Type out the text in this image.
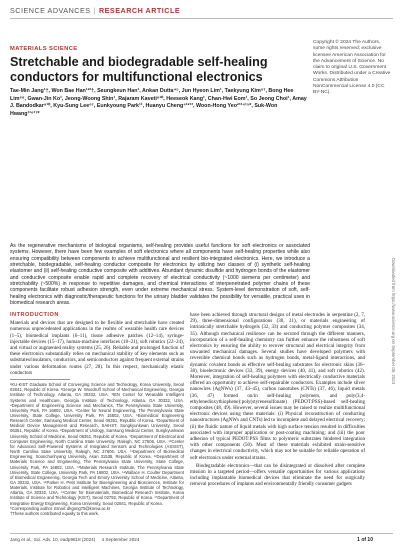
SCIENCE ADVANCES | RESEARCH ARTICLE
MATERIALS SCIENCE
Stretchable and biodegradable self-healing conductors for multifunctional electronics

Tae-Min Jang¹†, Won Bae Han¹²³†, Seungkeun Han¹, Ankan Dutta⁴⁵, Jun Hyeon Lim¹, Taekyung Kim⁶⁷, Bong Hee Lim⁶⁸, Gwan-Jin Ko¹, Jeong-Woong Shin¹, Rajaram Kaveti⁹¹⁰, Heeseok Kang¹, Chan-Hwi Eom¹, So Jeong Choi¹, Amay J. Bandodkar⁹¹⁰, Kyu-Sung Lee⁶⁷, Eunkyoung Park¹¹, Huanyu Cheng⁴¹²¹³, Woon-Hong Yeo²³¹⁴¹⁵*, Suk-Won Hwang¹¹⁶¹⁷*

Copyright © 2024 The Authors, some rights reserved; exclusive licensee American Association for the Advancement of Science. No claim to original U.S. Government Works. Distributed under a Creative Commons Attribution NonCommercial License 4.0 (CC BY-NC).

As the regenerative mechanisms of biological organisms, self-healing provides useful functions for soft electronics or associated systems. However, there have been few examples of soft electronics where all components have self-healing properties while also ensuring compatibility between components to achieve multifunctional and resilient bio-integrated electronics. Here, we introduce a stretchable, biodegradable, self-healing conductor composite for electronics by utilizing two classes of (i) synthetic self-healing elastomer and (ii) self-healing conductive composite with additives. Abundant dynamic disulfide and hydrogen bonds of the elastomer and conductive composite enable rapid and complete recovery of electrical conductivity (~1000 siemens per centimeter) and stretchability (~500%) in response to repetitive damages, and chemical interactions of interpenetrated polymer chains of these components facilitate robust adhesion strength, even under extreme mechanical stress. System-level demonstration of soft, self-healing electronics with diagnostic/therapeutic functions for the urinary bladder validates the possibility for versatile, practical uses in biomedical research areas.	Downloaded from https://www.science.org on September 08, 2024
INTRODUCTION

Materials and devices that are designed to be flexible and stretchable have created numerous unprecedented applications in the realms of wearable health care devices (1–5), biomedical implants (6–11), tissue adhesive patches (12–14), syringe-injectable devices (15–17), human-machine interfaces (18–21), soft robotics (22–24), and virtual or augmented reality systems (25, 26). Reliable and prolonged function of these electronics substantially relies on mechanical stability of key elements such as substrates/insulators, conductors, and semiconductors against frequent external strains under various deformation routes (27, 28). In this respect, mechanically elastic conductors

¹KU-KIST Graduate School of Converging Science and Technology, Korea University, Seoul 02841, Republic of Korea. ²George W. Woodruff School of Mechanical Engineering, Georgia Institute of Technology, Atlanta, GA 30332, USA. ³IEN Center for Wearable Intelligent Systems and Healthcare, Georgia Institute of Technology, Atlanta, GA 30332, USA. ⁴Department of Engineering Science and Mechanics, The Pennsylvania State University, University Park, PA 16802, USA. ⁵Center for Neural Engineering, The Pennsylvania State University, State College, University Park, PA 16802, USA. ⁶Biomedical Engineering Research Center, Samsung Medical Center, Seoul 06351, Republic of Korea. ⁷Department of Medical Device Management and Research, SAIHST, Sungkyunkwan University, Seoul 06351, Republic of Korea. ⁸Department of Urology, Samsung Medical Center, Sungkyunkwan University School of Medicine, Seoul 06351, Republic of Korea. ⁹Department of Electrical and Computer Engineering, North Carolina State University, Raleigh, NC 27606, USA. ¹⁰Center for Advanced Self-Powered Systems of Integrated Sensors and Technologies (ASSIST), North Carolina State University, Raleigh, NC 27606, USA. ¹¹Department of Biomedical Engineering, Soonchunhyang University, Asan 31538, Republic of Korea. ¹²Department of Materials Science and Engineering, The Pennsylvania State University, State College, University Park, PA 16802, USA. ¹³Materials Research Institute, The Pennsylvania State University, State College, University Park, PA 16802, USA. ¹⁴Wallace H. Coulter Department of Biomedical Engineering, Georgia Tech and Emory University School of Medicine, Atlanta, GA 30332, USA. ¹⁵Parker H. Petit Institute for Bioengineering and Biosciences, Institute for Materials, Institute for Robotics and Intelligent Machines, Georgia Institute of Technology, Atlanta, GA 30332, USA. ¹⁶Center for Biomaterials, Biomedical Research Institute, Korea Institute of Science and Technology (KIST), Seoul 02792, Republic of Korea. ¹⁷Department of Integrative Energy Engineering, Korea University, Seoul 02841, Republic of Korea.
*Corresponding author. Email: dkgong75@korea.ac.kr
†These authors contributed equally to this work.

have been achieved through structural designs of metal electrodes in serpentine (2, 7, 29), three-dimensional configurations (30, 31), or materials engineering of intrinsically stretchable hydrogels (32, 33) and conducting polymer composites (34, 35). Although mechanical resilience can be secured through the different manners, incorporation of a self-healing chemistry can further enhance the robustness of soft electronics by ensuring the ability to recover structural and electrical integrity from unwanted mechanical damages. Several studies have developed polymers with reversible chemical bonds such as hydrogen bonds, metal-ligand interactions, and dynamic covalent bonds as effective self-healing substrates for electronic skins (36–38), bioelectronic devices (33, 39), energy devices (40, 41), and soft robotics (42). Moreover, integration of self-healing polymers with electrically conductive materials offered an opportunity to achieve self-repairable conductors. Examples include silver nanowires (AgNWs) (37, 43–45), carbon nanotubes (CNTs) (37, 46), liquid metals (36, 47) formed on/in self-healing polymers, and poly(3,4-ethylenedioxythiophene):poly(styrenesulfonate) (PEDOT:PSS)-based self-healing composites (48, 49). However, several issues may be raised to realize multifunctional electronic devices using these materials: (i) Physical reconstruction of conducting nanostructures (AgNWs and CNTs) led to incomplete and delayed electrical recovery; (ii) the fluidic nature of liquid metals with high surface tension resulted in difficulties associated with improper application or post-coating machining; and (iii) the poor adhesion of typical PEDOT:PSS films to polymeric substrates hindered integration with other components (50). Most of these materials exhibited strain-sensitive changes in electrical conductivity, which may not be suitable for reliable operation of soft electronics under external strains.

Biodegradable electronics—that can be disintegrated or dissolved after complete mission in a targeted period—offers versatile opportunities for various applications including implantable biomedical devices that eliminate the need for surgically removal procedures of implants and environmentally friendly consumer gadgets

Jang et al., Sci. Adv. 10, eadp9818 (2024)     4 September 2024	1 of 10
